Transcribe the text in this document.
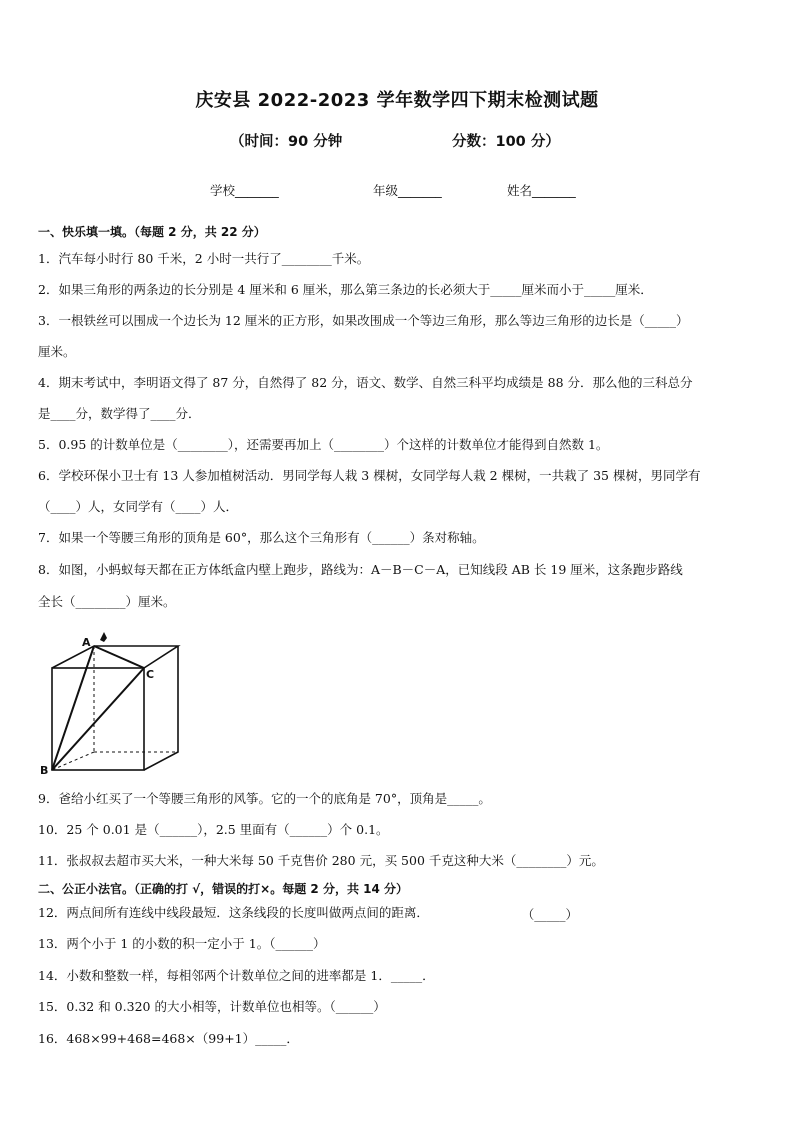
庆安县 2022-2023 学年数学四下期末检测试题
（时间：90 分钟	分数：100 分）
学校_______	年级_______	姓名_______
一、快乐填一填。（每题 2 分，共 22 分）
1．汽车每小时行 80 千米，2 小时一共行了________千米。
2．如果三角形的两条边的长分别是 4 厘米和 6 厘米，那么第三条边的长必须大于_____厘米而小于_____厘米．
3．一根铁丝可以围成一个边长为 12 厘米的正方形，如果改围成一个等边三角形，那么等边三角形的边长是（_____）
厘米。
4．期末考试中，李明语文得了 87 分，自然得了 82 分，语文、数学、自然三科平均成绩是 88 分．那么他的三科总分
是____分，数学得了____分．
5．0.95 的计数单位是（________），还需要再加上（________）个这样的计数单位才能得到自然数 1。
6．学校环保小卫士有 13 人参加植树活动．男同学每人栽 3 棵树，女同学每人栽 2 棵树，一共栽了 35 棵树，男同学有
（____）人，女同学有（____）人．
7．如果一个等腰三角形的顶角是 60°，那么这个三角形有（______）条对称轴。
8．如图，小蚂蚁每天都在正方体纸盒内壁上跑步，路线为：A－B－C－A，已知线段 AB 长 19 厘米，这条跑步路线
全长（________）厘米。
A
B
C
9．爸给小红买了一个等腰三角形的风筝。它的一个的底角是 70°，顶角是_____。
10．25 个 0.01 是（______），2.5 里面有（______）个 0.1。
11．张叔叔去超市买大米，一种大米每 50 千克售价 280 元，买 500 千克这种大米（________）元。
二、公正小法官。（正确的打 √，错误的打×。每题 2 分，共 14 分）
12．两点间所有连线中线段最短．这条线段的长度叫做两点间的距离．	（_____）
13．两个小于 1 的小数的积一定小于 1。（______）
14．小数和整数一样，每相邻两个计数单位之间的进率都是 1．_____．
15．0.32 和 0.320 的大小相等，计数单位也相等。（______）
16．468×99+468=468×（99+1）_____．
